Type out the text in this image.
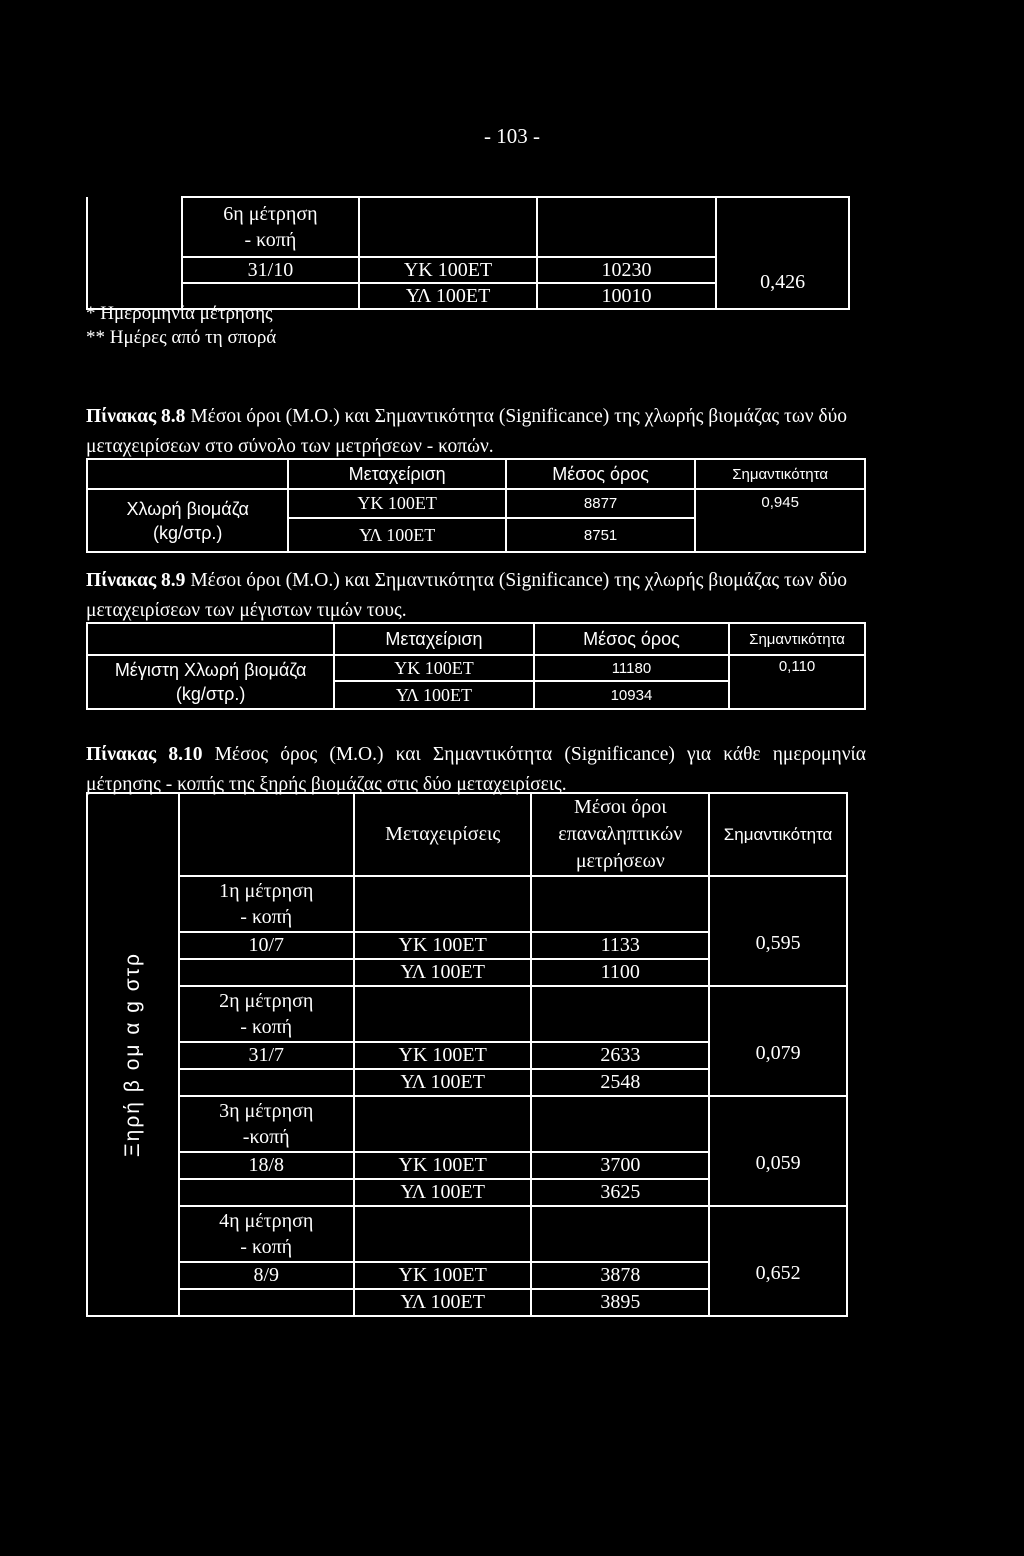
- 103 -
	6η μέτρηση
- κοπή			
	31/10	ΥΚ 100ΕΤ	10230	0,426
		ΥΛ 100ΕΤ	10010	
* Ημερομηνία μέτρησης
** Ημέρες από τη σπορά
Πίνακας 8.8 Μέσοι όροι (Μ.Ο.) και Σημαντικότητα (Significance) της χλωρής βιομάζας των δύο μεταχειρίσεων στο σύνολο των μετρήσεων - κοπών.
	Μεταχείριση	Μέσος όρος	Σημαντικότητα
Χλωρή βιομάζα
(kg/στρ.)	ΥΚ 100ΕΤ	8877	0,945
	ΥΛ 100ΕΤ	8751	
Πίνακας 8.9 Μέσοι όροι (Μ.Ο.) και Σημαντικότητα (Significance) της χλωρής βιομάζας των δύο μεταχειρίσεων των μέγιστων τιμών τους.
	Μεταχείριση	Μέσος όρος	Σημαντικότητα
Μέγιστη Χλωρή βιομάζα
(kg/στρ.)	ΥΚ 100ΕΤ	11180	0,110
	ΥΛ 100ΕΤ	10934	
Πίνακας 8.10 Μέσος όρος (Μ.Ο.) και Σημαντικότητα (Significance) για κάθε ημερομηνία μέτρησης - κοπής της ξηρής βιομάζας στις δύο μεταχειρίσεις.
Ξηρή β ομ α g στρ		Μεταχειρίσεις	Μέσοι όροι
επαναληπτικών
μετρήσεων	Σημαντικότητα
	1η μέτρηση
- κοπή			
	10/7	ΥΚ 100ΕΤ	1133	0,595
		ΥΛ 100ΕΤ	1100	
	2η μέτρηση
- κοπή			
	31/7	ΥΚ 100ΕΤ	2633	0,079
		ΥΛ 100ΕΤ	2548	
	3η μέτρηση
-κοπή			
	18/8	ΥΚ 100ΕΤ	3700	0,059
		ΥΛ 100ΕΤ	3625	
	4η μέτρηση
- κοπή			
	8/9	ΥΚ 100ΕΤ	3878	0,652
		ΥΛ 100ΕΤ	3895	
